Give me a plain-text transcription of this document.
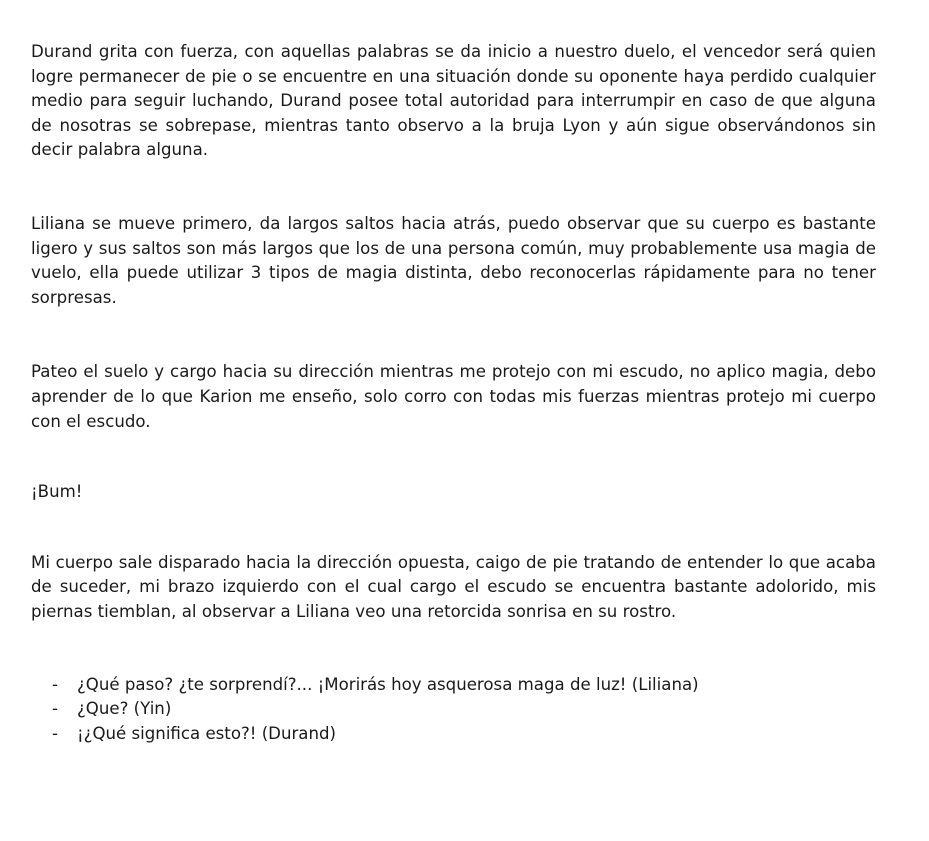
Durand grita con fuerza, con aquellas palabras se da inicio a nuestro duelo, el vencedor será quien logre permanecer de pie o se encuentre en una situación donde su oponente haya perdido cualquier medio para seguir luchando, Durand posee total autoridad para interrumpir en caso de que alguna de nosotras se sobrepase, mientras tanto observo a la bruja Lyon y aún sigue observándonos sin decir palabra alguna.

Liliana se mueve primero, da largos saltos hacia atrás, puedo observar que su cuerpo es bastante ligero y sus saltos son más largos que los de una persona común, muy probablemente usa magia de vuelo, ella puede utilizar 3 tipos de magia distinta, debo reconocerlas rápidamente para no tener sorpresas.

Pateo el suelo y cargo hacia su dirección mientras me protejo con mi escudo, no aplico magia, debo aprender de lo que Karion me enseño, solo corro con todas mis fuerzas mientras protejo mi cuerpo con el escudo.

¡Bum!

Mi cuerpo sale disparado hacia la dirección opuesta, caigo de pie tratando de entender lo que acaba de suceder, mi brazo izquierdo con el cual cargo el escudo se encuentra bastante adolorido, mis piernas tiemblan, al observar a Liliana veo una retorcida sonrisa en su rostro.

- ¿Qué paso? ¿te sorprendí?... ¡Morirás hoy asquerosa maga de luz! (Liliana)
- ¿Que? (Yin)
- ¡¿Qué significa esto?! (Durand)
